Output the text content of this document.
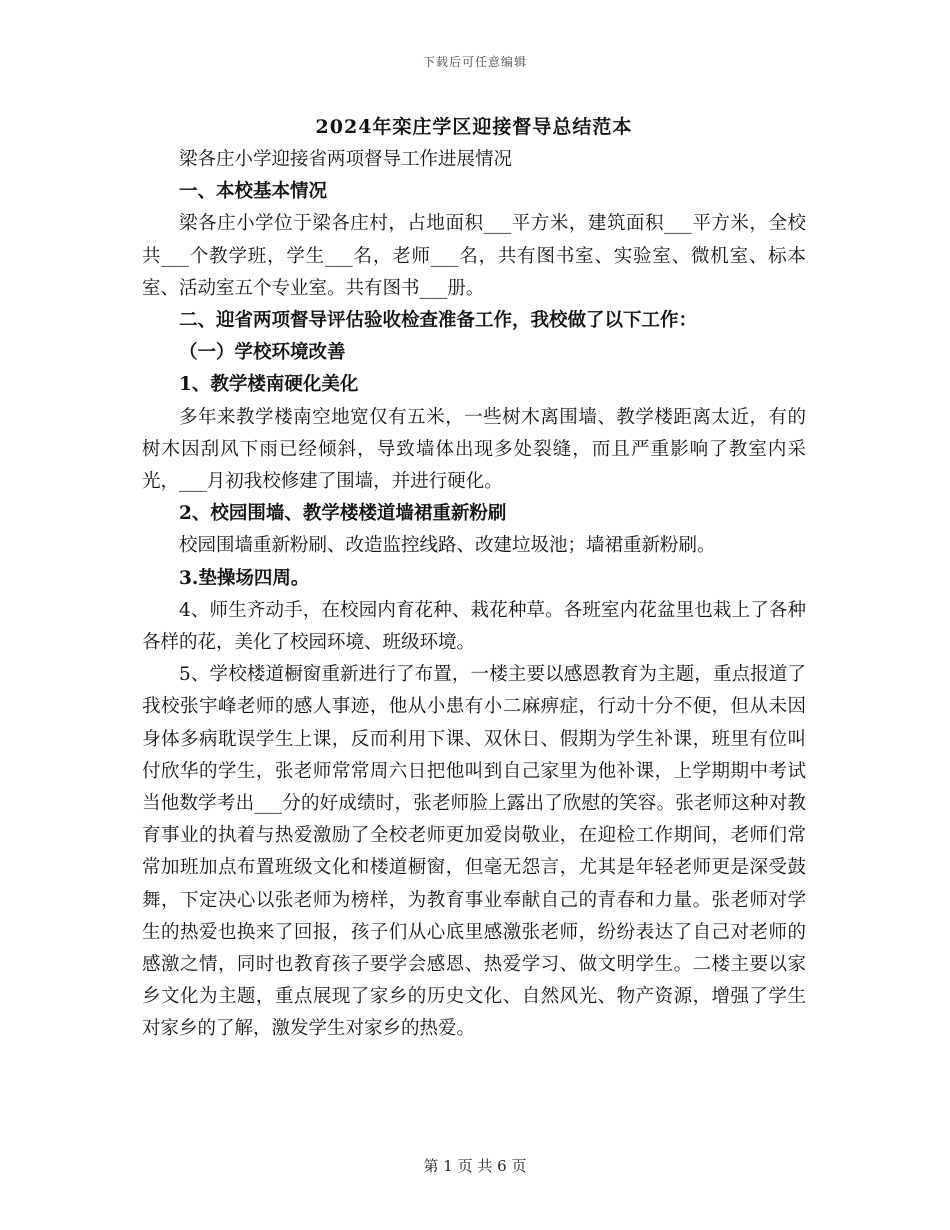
下载后可任意编辑
2024年栾庄学区迎接督导总结范本

梁各庄小学迎接省两项督导工作进展情况

一、本校基本情况

梁各庄小学位于梁各庄村，占地面积___平方米，建筑面积___平方米，全校共___个教学班，学生___名，老师___名，共有图书室、实验室、微机室、标本室、活动室五个专业室。共有图书___册。

二、迎省两项督导评估验收检查准备工作，我校做了以下工作：

（一）学校环境改善

1、教学楼南硬化美化

多年来教学楼南空地宽仅有五米，一些树木离围墙、教学楼距离太近，有的树木因刮风下雨已经倾斜，导致墙体出现多处裂缝，而且严重影响了教室内采光，___月初我校修建了围墙，并进行硬化。

2、校园围墙、教学楼楼道墙裙重新粉刷

校园围墙重新粉刷、改造监控线路、改建垃圾池；墙裙重新粉刷。

3.垫操场四周。

4、师生齐动手，在校园内育花种、栽花种草。各班室内花盆里也栽上了各种各样的花，美化了校园环境、班级环境。

5、学校楼道橱窗重新进行了布置，一楼主要以感恩教育为主题，重点报道了我校张宇峰老师的感人事迹，他从小患有小二麻痹症，行动十分不便，但从未因身体多病耽误学生上课，反而利用下课、双休日、假期为学生补课，班里有位叫付欣华的学生，张老师常常周六日把他叫到自己家里为他补课，上学期期中考试当他数学考出___分的好成绩时，张老师脸上露出了欣慰的笑容。张老师这种对教育事业的执着与热爱激励了全校老师更加爱岗敬业，在迎检工作期间，老师们常常加班加点布置班级文化和楼道橱窗，但毫无怨言，尤其是年轻老师更是深受鼓舞，下定决心以张老师为榜样，为教育事业奉献自己的青春和力量。张老师对学生的热爱也换来了回报，孩子们从心底里感激张老师，纷纷表达了自己对老师的感激之情，同时也教育孩子要学会感恩、热爱学习、做文明学生。二楼主要以家乡文化为主题，重点展现了家乡的历史文化、自然风光、物产资源，增强了学生对家乡的了解，激发学生对家乡的热爱。

第 1 页 共 6 页
